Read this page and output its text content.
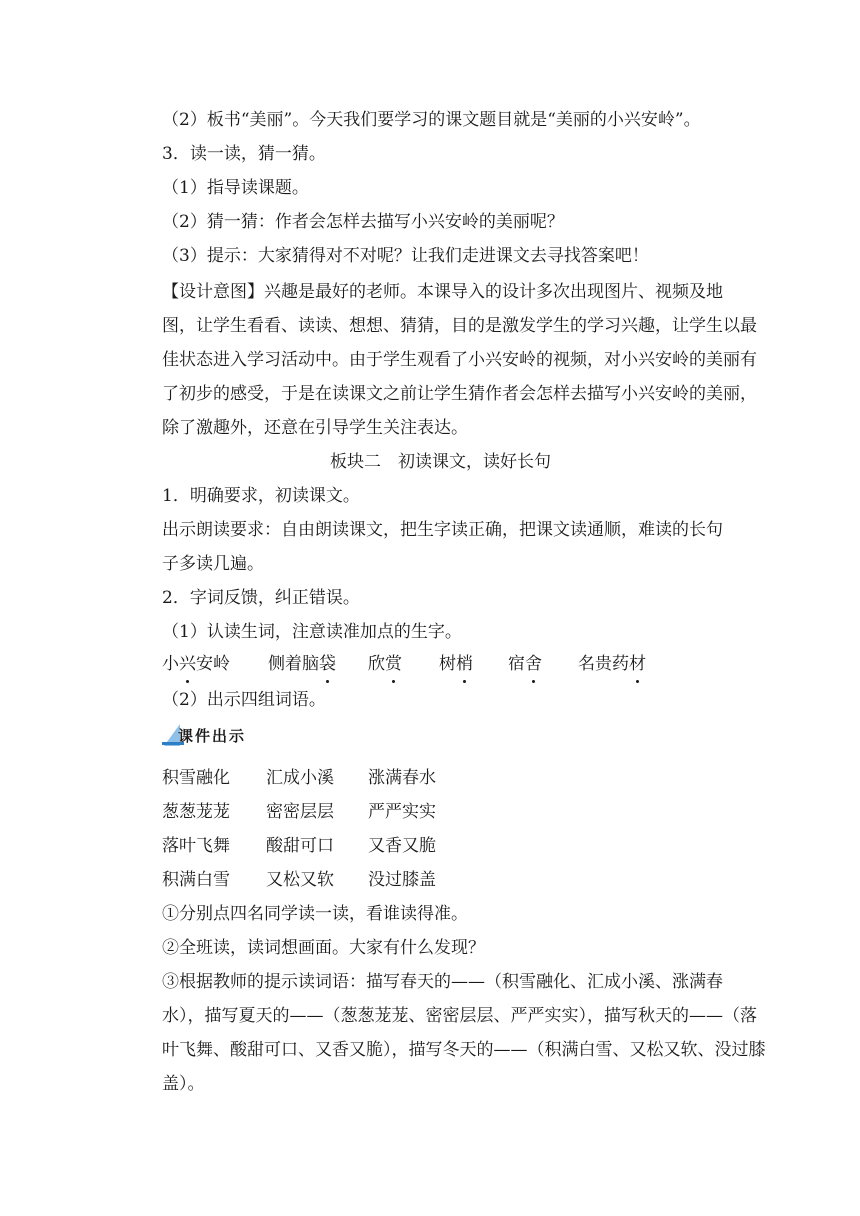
（2）板书“美丽”。今天我们要学习的课文题目就是“美丽的小兴安岭”。
3．读一读，猜一猜。
（1）指导读课题。
（2）猜一猜：作者会怎样去描写小兴安岭的美丽呢？
（3）提示：大家猜得对不对呢？让我们走进课文去寻找答案吧！
【设计意图】兴趣是最好的老师。本课导入的设计多次出现图片、视频及地
图，让学生看看、读读、想想、猜猜，目的是激发学生的学习兴趣，让学生以最
佳状态进入学习活动中。由于学生观看了小兴安岭的视频，对小兴安岭的美丽有
了初步的感受，于是在读课文之前让学生猜作者会怎样去描写小兴安岭的美丽，
除了激趣外，还意在引导学生关注表达。
板块二　初读课文，读好长句
1．明确要求，初读课文。
出示朗读要求：自由朗读课文，把生字读正确，把课文读通顺，难读的长句
子多读几遍。
2．字词反馈，纠正错误。
（1）认读生词，注意读准加点的生字。
小兴安岭 侧着脑袋 欣赏 树梢 宿舍 名贵药材
（2）出示四组词语。
课件出示
积雪融化 汇成小溪 涨满春水
葱葱茏茏 密密层层 严严实实
落叶飞舞 酸甜可口 又香又脆
积满白雪 又松又软 没过膝盖
①分别点四名同学读一读，看谁读得准。
②全班读，读词想画面。大家有什么发现？
③根据教师的提示读词语：描写春天的——（积雪融化、汇成小溪、涨满春
水），描写夏天的——（葱葱茏茏、密密层层、严严实实），描写秋天的——（落
叶飞舞、酸甜可口、又香又脆），描写冬天的——（积满白雪、又松又软、没过膝
盖）。
